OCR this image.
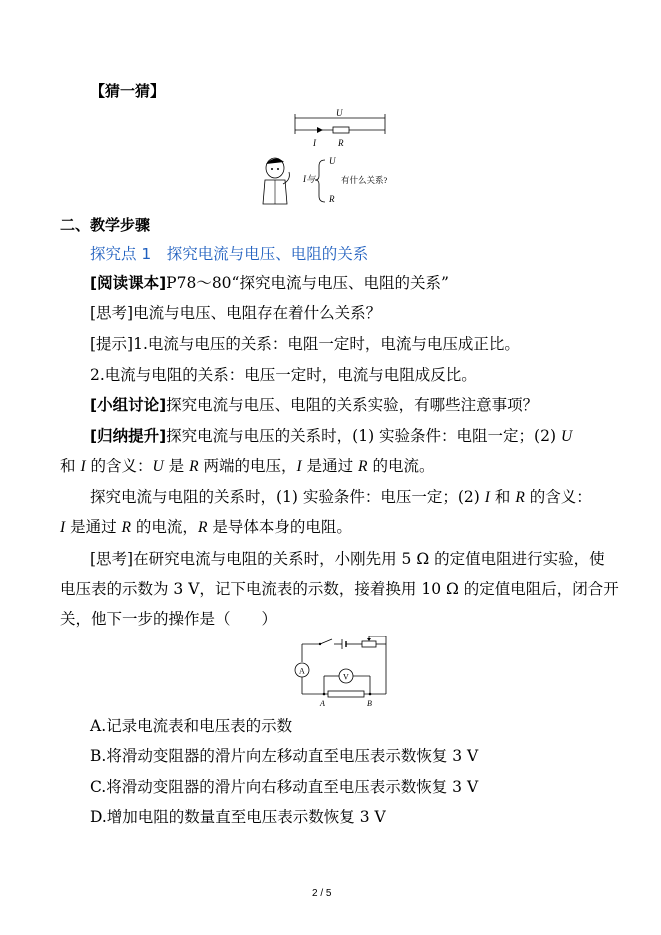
【猜一猜】
U
I R
I与
U
R
有什么关系?
二、教学步骤
探究点 1　探究电流与电压、电阻的关系
[阅读课本]P78～80“探究电流与电压、电阻的关系”
[思考]电流与电压、电阻存在着什么关系？
[提示]1.电流与电压的关系：电阻一定时，电流与电压成正比。
2.电流与电阻的关系：电压一定时，电流与电阻成反比。
[小组讨论]探究电流与电压、电阻的关系实验，有哪些注意事项？
[归纳提升]探究电流与电压的关系时，(1) 实验条件：电阻一定；(2) U
和 I 的含义：U 是 R 两端的电压，I 是通过 R 的电流。
探究电流与电阻的关系时，(1) 实验条件：电压一定；(2) I 和 R 的含义：
I 是通过 R 的电流，R 是导体本身的电阻。
[思考]在研究电流与电阻的关系时，小刚先用 5 Ω 的定值电阻进行实验，使
电压表的示数为 3 V，记下电流表的示数，接着换用 10 Ω 的定值电阻后，闭合开
关，他下一步的操作是（　　）
A
V
A	B
A.记录电流表和电压表的示数
B.将滑动变阻器的滑片向左移动直至电压表示数恢复 3 V
C.将滑动变阻器的滑片向右移动直至电压表示数恢复 3 V
D.增加电阻的数量直至电压表示数恢复 3 V
2 / 5
